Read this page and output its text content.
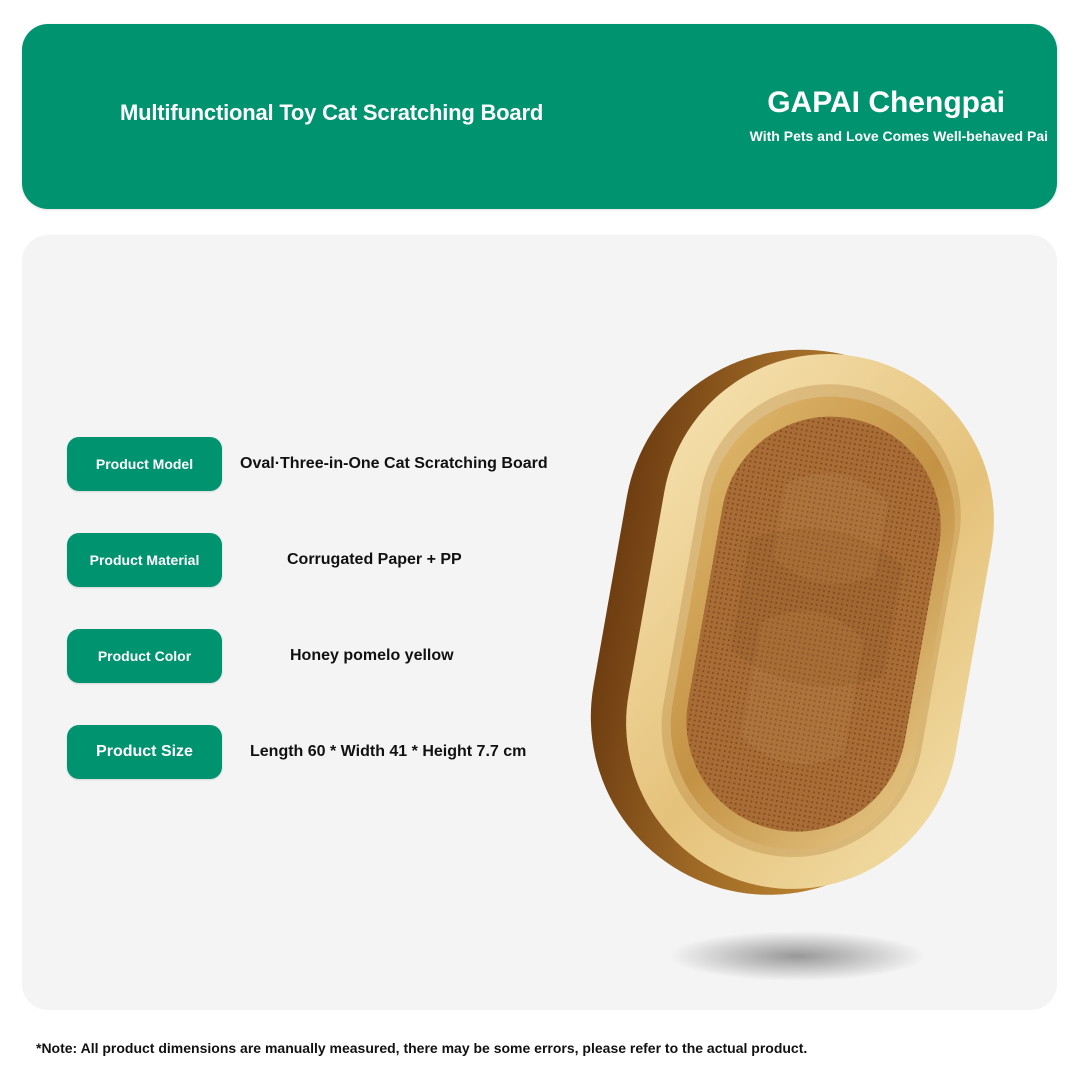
Multifunctional Toy Cat Scratching Board	GAPAI Chengpai
With Pets and Love Comes Well-behaved Pai
Product Model	Oval·Three-in-One Cat Scratching Board
Product Material	Corrugated Paper + PP
Product Color	Honey pomelo yellow
Product Size	Length 60 * Width 41 * Height 7.7 cm
*Note: All product dimensions are manually measured, there may be some errors, please refer to the actual product.
